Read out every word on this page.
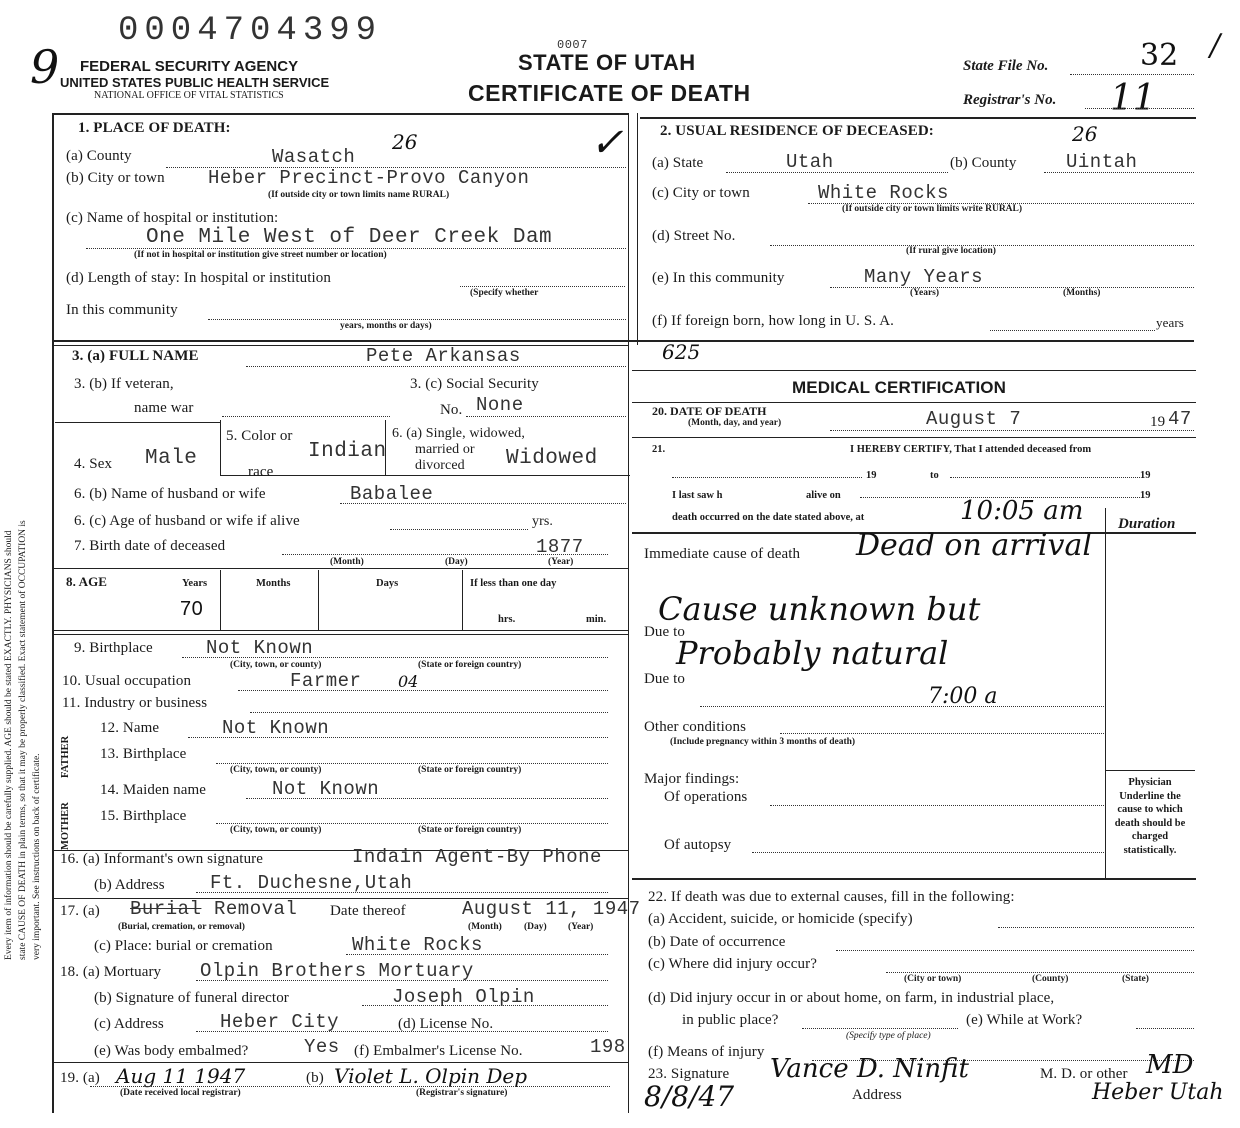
0004704399
9	0007
FEDERAL SECURITY AGENCY
UNITED STATES PUBLIC HEALTH SERVICE
NATIONAL OFFICE OF VITAL STATISTICS
STATE OF UTAH
CERTIFICATE OF DEATH
State File No.	32
Registrar's No. 11
/
Every item of information should be carefully supplied. AGE should be stated EXACTLY. PHYSICIANS should state CAUSE OF DEATH in plain terms, so that it may be properly classified. Exact statement of OCCUPATION is very important. See instructions on back of certificate.
1. PLACE OF DEATH:
(a) County	Wasatch
26	✓
(b) City or town Heber Precinct-Provo Canyon
(If outside city or town limits name RURAL)
(c) Name of hospital or institution:
One Mile West of Deer Creek Dam
(If not in hospital or institution give street number or location)
(d) Length of stay: In hospital or institution
(Specify whether
In this community
years, months or days)
2. USUAL RESIDENCE OF DECEASED:	26
(a) State	Utah	(b) County	Uintah
(c) City or town	White Rocks
(If outside city or town limits write RURAL)
(d) Street No.
(If rural give location)
(e) In this community	Many Years
(Years)	(Months)
(f) If foreign born, how long in U. S. A.	years
3. (a) FULL NAME	Pete Arkansas	625
3. (b) If veteran,
name war
3. (c) Social Security
No. None
4. Sex Male
5. Color or
race
Indian
6. (a) Single, widowed,
married or
divorced Widowed
6. (b) Name of husband or wife	Babalee
6. (c) Age of husband or wife if alive	yrs.
7. Birth date of deceased	1877
(Month)	(Day)	(Year)
8. AGE	Years
70
Months	Days	If less than one day
hrs.	min.
9. Birthplace	Not Known
(City, town, or county)	(State or foreign country)
10. Usual occupation	Farmer 04
11. Industry or business
FATHER
12. Name	Not Known
13. Birthplace
(City, town, or county)	(State or foreign country)
MOTHER
14. Maiden name	Not Known
15. Birthplace
(City, town, or county)	(State or foreign country)
16. (a) Informant's own signature	Indain Agent-By Phone
(b) Address Ft. Duchesne,Utah
17. (a) Burial Removal Date thereof	August 11, 1947
(Burial, cremation, or removal)	(Month) (Day) (Year)
(c) Place: burial or cremation	White Rocks
18. (a) Mortuary Olpin Brothers Mortuary
(b) Signature of funeral director	Joseph Olpin
(c) Address	Heber City	(d) License No.
(e) Was body embalmed?	Yes (f) Embalmer's License No.	198
19. (a) Aug 11 1947	(b) Violet L. Olpin Dep
(Date received local registrar)	(Registrar's signature)
MEDICAL CERTIFICATION
20. DATE OF DEATH
(Month, day, and year)	August 7	19 47
21.	I HEREBY CERTIFY, That I attended deceased from
19	to	19
I last saw h	alive on	19
death occurred on the date stated above, at	10:05 am Duration
Immediate cause of death Dead on arrival
Cause unknown but
Due to
Probably natural
Due to
7:00 a
Other conditions
(Include pregnancy within 3 months of death)
Major findings:
Of operations
Of autopsy
Physician Underline the cause to which death should be charged statistically.
22. If death was due to external causes, fill in the following:
(a) Accident, suicide, or homicide (specify)
(b) Date of occurrence
(c) Where did injury occur?
(City or town)	(County)	(State)
(d) Did injury occur in or about home, on farm, in industrial place,
in public place?	(e) While at Work?
(Specify type of place)
(f) Means of injury
23. Signature Vance D. Ninfit	M. D. or other MD
Address	Heber Utah
8/8/47
